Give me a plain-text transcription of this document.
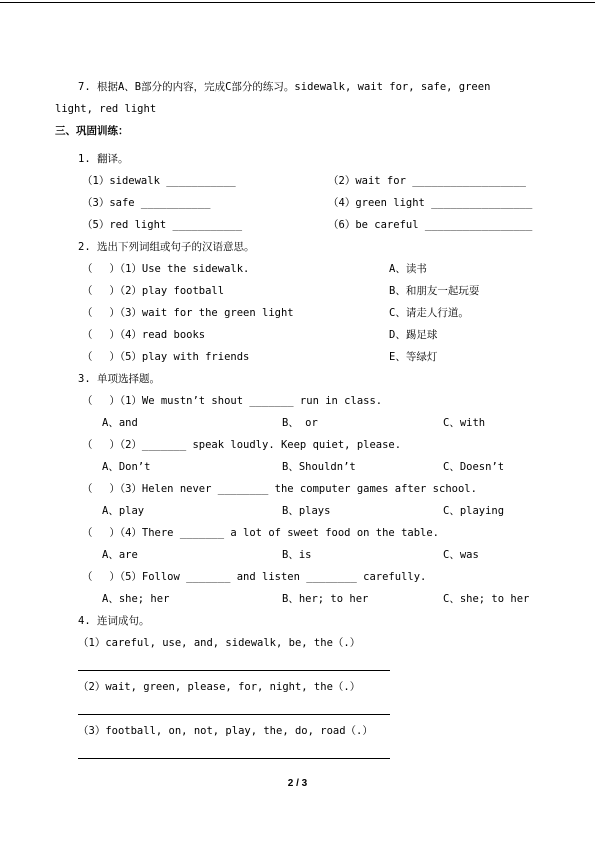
7. 根据A、B部分的内容，完成C部分的练习。sidewalk, wait for, safe, green
light, red light
三、巩固训练：
1. 翻译。
（1）sidewalk ___________	（2）wait for __________________
（3）safe ___________	（4）green light ________________
（5）red light ___________	（6）be careful _________________
2. 选出下列词组或句子的汉语意思。
（　 ）（1）Use the sidewalk.	A、读书
（　 ）（2）play football	B、和朋友一起玩耍
（　 ）（3）wait for the green light	C、请走人行道。
（　 ）（4）read books	D、踢足球
（　 ）（5）play with friends	E、等绿灯
3. 单项选择题。
（　 ）（1）We mustn’t shout _______ run in class.
A、and	B、 or	C、with
（　 ）（2）_______ speak loudly. Keep quiet, please.
A、Don’t	B、Shouldn’t	C、Doesn’t
（　 ）（3）Helen never ________ the computer games after school.
A、play	B、plays	C、playing
（　 ）（4）There _______ a lot of sweet food on the table.
A、are	B、is	C、was
（　 ）（5）Follow _______ and listen ________ carefully.
A、she; her	B、her; to her	C、she; to her
4. 连词成句。
（1）careful, use, and, sidewalk, be, the（.）
（2）wait, green, please, for, night, the（.）
（3）football, on, not, play, the, do, road（.）
2 / 3
